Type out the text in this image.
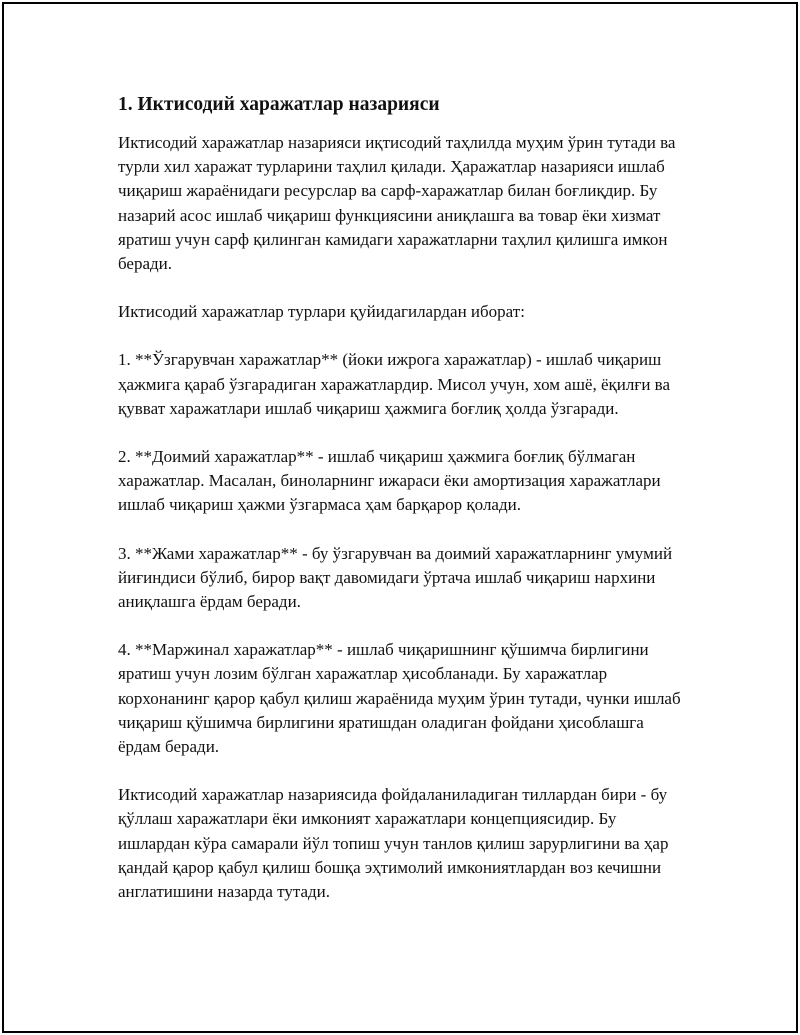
1. Иктисодий харажатлар назарияси

Иктисодий харажатлар назарияси иқтисодий таҳлилда муҳим ўрин тутади ва турли хил харажат турларини таҳлил қилади. Ҳаражатлар назарияси ишлаб чиқариш жараёнидаги ресурслар ва сарф-харажатлар билан боғлиқдир. Бу назарий асос ишлаб чиқариш функциясини аниқлашга ва товар ёки хизмат яратиш учун сарф қилинган камидаги харажатларни таҳлил қилишга имкон беради.

Иктисодий харажатлар турлари қуйидагилардан иборат:

1. **Ўзгарувчан харажатлар** (йоки ижрога харажатлар) - ишлаб чиқариш ҳажмига қараб ўзгарадиган харажатлардир. Мисол учун, хом ашё, ёқилғи ва қувват харажатлари ишлаб чиқариш ҳажмига боғлиқ ҳолда ўзгаради.

2. **Доимий харажатлар** - ишлаб чиқариш ҳажмига боғлиқ бўлмаган харажатлар. Масалан, биноларнинг ижараси ёки амортизация харажатлари ишлаб чиқариш ҳажми ўзгармаса ҳам барқарор қолади.

3. **Жами харажатлар** - бу ўзгарувчан ва доимий харажатларнинг умумий йиғиндиси бўлиб, бирор вақт давомидаги ўртача ишлаб чиқариш нархини аниқлашга ёрдам беради.

4. **Маржинал харажатлар** - ишлаб чиқаришнинг қўшимча бирлигини яратиш учун лозим бўлган харажатлар ҳисобланади. Бу харажатлар корхонанинг қарор қабул қилиш жараёнида муҳим ўрин тутади, чунки ишлаб чиқариш қўшимча бирлигини яратишдан оладиган фойдани ҳисоблашга ёрдам беради.

Иктисодий харажатлар назариясида фойдаланиладиган тиллардан бири - бу қўллаш харажатлари ёки имконият харажатлари концепциясидир. Бу ишлардан кўра самарали йўл топиш учун танлов қилиш зарурлигини ва ҳар қандай қарор қабул қилиш бошқа эҳтимолий имкониятлардан воз кечишни англатишини назарда тутади.
